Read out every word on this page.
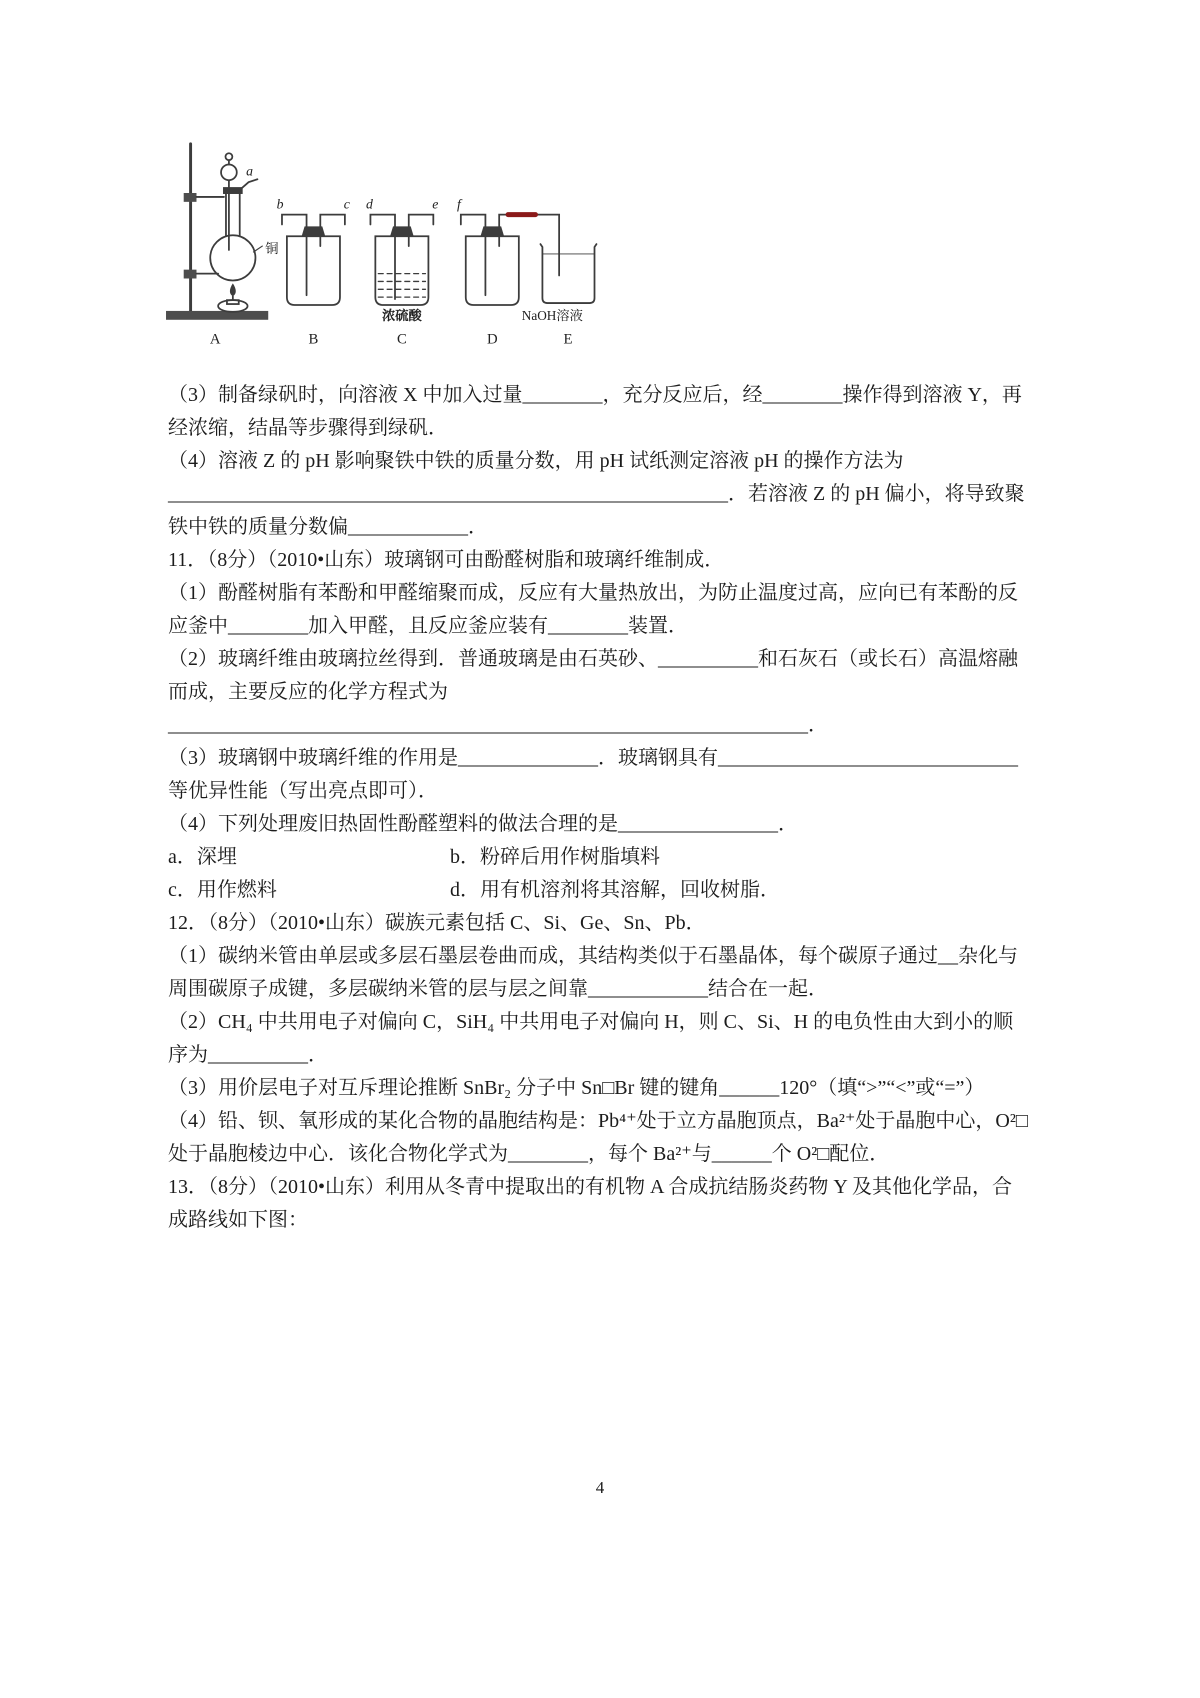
a
b	c d	e f
铜
浓硫酸	NaOH溶液
A	B	C	D	E

（3）制备绿矾时，向溶液 X 中加入过量________，充分反应后，经________操作得到溶液 Y，再经浓缩，结晶等步骤得到绿矾．

（4）溶液 Z 的 pH 影响聚铁中铁的质量分数，用 pH 试纸测定溶液 pH 的操作方法为________________________________________________________．若溶液 Z 的 pH 偏小，将导致聚铁中铁的质量分数偏____________．

11．（8分）（2010•山东）玻璃钢可由酚醛树脂和玻璃纤维制成．

（1）酚醛树脂有苯酚和甲醛缩聚而成，反应有大量热放出，为防止温度过高，应向已有苯酚的反应釜中________加入甲醛，且反应釜应装有________装置．

（2）玻璃纤维由玻璃拉丝得到．普通玻璃是由石英砂、__________和石灰石（或长石）高温熔融而成，主要反应的化学方程式为________________________________________________________________．

（3）玻璃钢中玻璃纤维的作用是______________．玻璃钢具有______________________________等优异性能（写出亮点即可）．

（4）下列处理废旧热固性酚醛塑料的做法合理的是________________．

a．深埋	b．粉碎后用作树脂填料
c．用作燃料	d．用有机溶剂将其溶解，回收树脂．

12．（8分）（2010•山东）碳族元素包括 C、Si、Ge、Sn、Pb．

（1）碳纳米管由单层或多层石墨层卷曲而成，其结构类似于石墨晶体，每个碳原子通过__杂化与周围碳原子成键，多层碳纳米管的层与层之间靠____________结合在一起．

（2）CH₄ 中共用电子对偏向 C，SiH₄ 中共用电子对偏向 H，则 C、Si、H 的电负性由大到小的顺序为__________．

（3）用价层电子对互斥理论推断 SnBr₂ 分子中 Sn□Br 键的键角______120°（填“>”“<”或“=”）

（4）铅、钡、氧形成的某化合物的晶胞结构是：Pb⁴⁺处于立方晶胞顶点，Ba²⁺处于晶胞中心，O²□处于晶胞棱边中心．该化合物化学式为________，每个 Ba²⁺与______个 O²□配位．

13．（8分）（2010•山东）利用从冬青中提取出的有机物 A 合成抗结肠炎药物 Y 及其他化学品，合成路线如下图：

4
